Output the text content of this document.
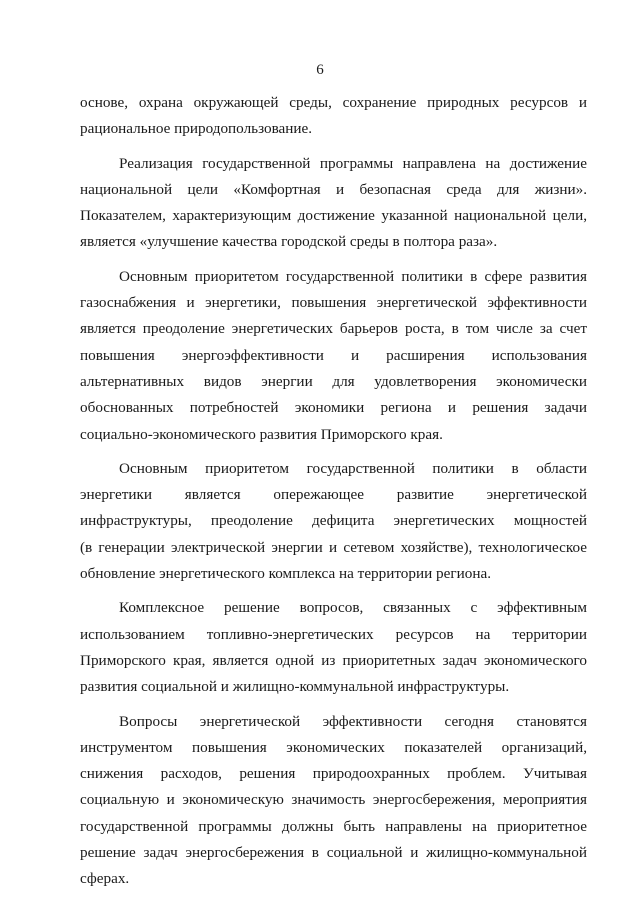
6

основе, охрана окружающей среды, сохранение природных ресурсов и
рациональное природопользование.

Реализация государственной программы направлена на достижение
национальной цели «Комфортная и безопасная среда для жизни».
Показателем, характеризующим достижение указанной национальной цели,
является «улучшение качества городской среды в полтора раза».

Основным приоритетом государственной политики в сфере развития
газоснабжения и энергетики, повышения энергетической эффективности
является преодоление энергетических барьеров роста, в том числе за счет
повышения энергоэффективности и расширения использования
альтернативных видов энергии для удовлетворения экономически
обоснованных потребностей экономики региона и решения задачи
социально-экономического развития Приморского края.

Основным приоритетом государственной политики в области
энергетики является опережающее развитие энергетической
инфраструктуры, преодоление дефицита энергетических мощностей
(в генерации электрической энергии и сетевом хозяйстве), технологическое
обновление энергетического комплекса на территории региона.

Комплексное решение вопросов, связанных с эффективным
использованием топливно-энергетических ресурсов на территории
Приморского края, является одной из приоритетных задач экономического
развития социальной и жилищно-коммунальной инфраструктуры.

Вопросы энергетической эффективности сегодня становятся
инструментом повышения экономических показателей организаций,
снижения расходов, решения природоохранных проблем. Учитывая
социальную и экономическую значимость энергосбережения, мероприятия
государственной программы должны быть направлены на приоритетное
решение задач энергосбережения в социальной и жилищно-коммунальной
сферах.
